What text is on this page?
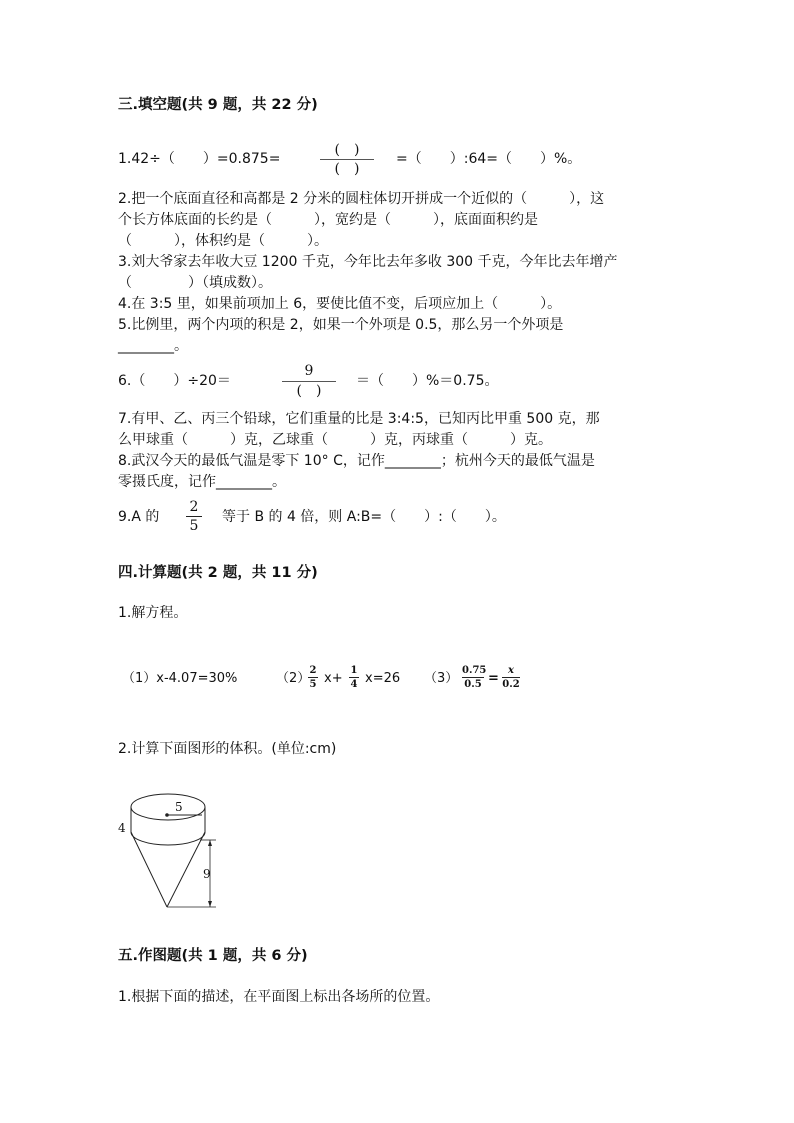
三.填空题(共 9 题，共 22 分)
1.42÷（　　）=0.875=
(　)
(　)
=（　　）:64=（　　）%。
2.把一个底面直径和高都是 2 分米的圆柱体切开拼成一个近似的（　　　），这
个长方体底面的长约是（　　　），宽约是（　　　），底面面积约是
（　　　），体积约是（　　　）。
3.刘大爷家去年收大豆 1200 千克，今年比去年多收 300 千克，今年比去年增产
（　　　　）（填成数）。
4.在 3:5 里，如果前项加上 6，要使比值不变，后项应加上（　　　）。
5.比例里，两个内项的积是 2，如果一个外项是 0.5，那么另一个外项是
________。
6.（　　）÷20＝
9
(　)
＝（　　）%＝0.75。
7.有甲、乙、丙三个铅球，它们重量的比是 3:4:5，已知丙比甲重 500 克，那
么甲球重（　　　）克，乙球重（　　　）克，丙球重（　　　）克。
8.武汉今天的最低气温是零下 10° C，记作________；杭州今天的最低气温是
零摄氏度，记作________。
9.A 的
2
5
等于 B 的 4 倍，则 A:B=（　　）:（　　）。
四.计算题(共 2 题，共 11 分)
1.解方程。
（1）x-4.07=30%	（2）
2
5 x+
1
4 x=26 （3）
0.75
0.5 =
x
0.2
2.计算下面图形的体积。(单位:cm)
5
4
9
五.作图题(共 1 题，共 6 分)
1.根据下面的描述，在平面图上标出各场所的位置。
